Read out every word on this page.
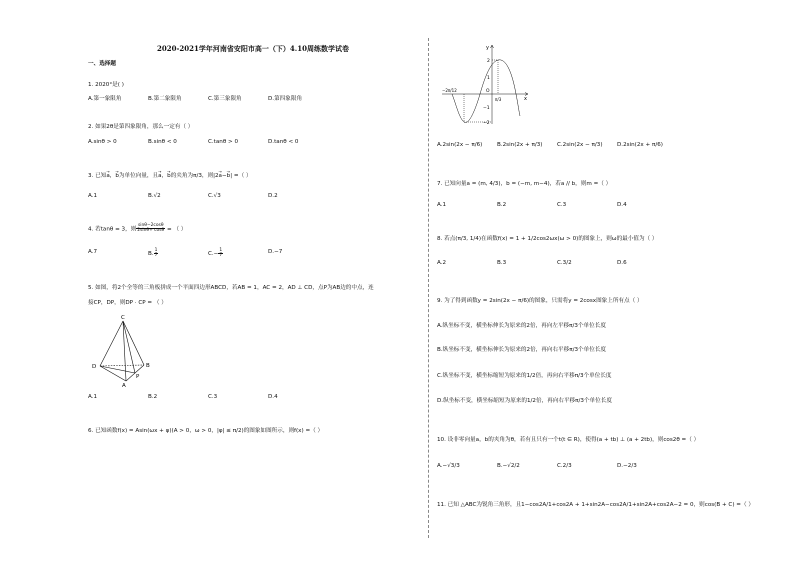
2020-2021学年河南省安阳市高一（下）4.10周练数学试卷
一、选择题
1. 2020°是( )
A.第一象限角	B.第二象限角	C.第三象限角	D.第四象限角
2. 如果2θ是第四象限角，那么一定有（ ）
A.sinθ > 0	B.sinθ < 0	C.tanθ > 0	D.tanθ < 0
3. 已知→ a，→ b为单位向量，且→ a，→ b的夹角为π/3，则|2→ a−→ b| =（ ）
A.1	B.√2	C.√3	D.2
4. 若tanθ = 3，则 $\frac{\sin\theta-2\cos\theta}{2\sin\theta+ \cos\theta}$ = （ ）
A.7	B. $\frac{1}{7}$	$C.- \frac{1}{7}$	D.−7
5. 如图，将2个全等的三角板拼成一个平面四边形ABCD，若AB = 1，AC = 2，AD ⊥ CD，点P为AB边的中点，连
接CP，DP，则DP · CP = （ ）
C
D
P
B
A
A.1	B.2	C.3	D.4
6. 已知函数f(x) = Asin(ωx + φ)(A > 0，ω > 0，|φ| ≤ π/2)的图象如图所示，则f(x) =（ ）
y
2
1
−1
−2
−2π/12	O
π/3	x
A.2sin(2x − π/6)	B.2sin(2x + π/3)	C.2sin(2x − π/3)	D.2sin(2x + π/6)
7. 已知向量a = (m, 4/3)，b = (−m, m−4)，若a // b，则m =（ ）
A.1	B.2	C.3	D.4
8. 若点(π/3, 1/4)在函数f(x) = 1 + 1/2cos2ωx(ω > 0)的图象上，则ω的最小值为（ ）
A.2	B.3	C.3/2	D.6
9. 为了得到函数y = 2sin(2x − π/6)的图象，只需将y = 2cosx图象上所有点（ ）
A.纵坐标不变，横坐标伸长为原来的2倍，再向左平移π/3个单位长度
B.纵坐标不变，横坐标伸长为原来的2倍，再向右平移π/3个单位长度
C.纵坐标不变，横坐标缩短为原来的1/2倍，再向右平移π/3个单位长度
D.纵坐标不变，横坐标缩短为原来的1/2倍，再向右平移π/3个单位长度
10. 设非零向量a，b的夹角为θ，若有且只有一个t(t ∈ R)，使得(a + tb) ⊥ (a + 2tb)，则cos2θ =（ ）
A.−√3/3	B.−√2/2	C.2/3	D.−2/3
11. 已知 △ABC为锐角三角形，且1−cos2A/1+cos2A + 1+sin2A−cos2A/1+sin2A+cos2A−2 = 0，则cos(B + C) =（ ）
